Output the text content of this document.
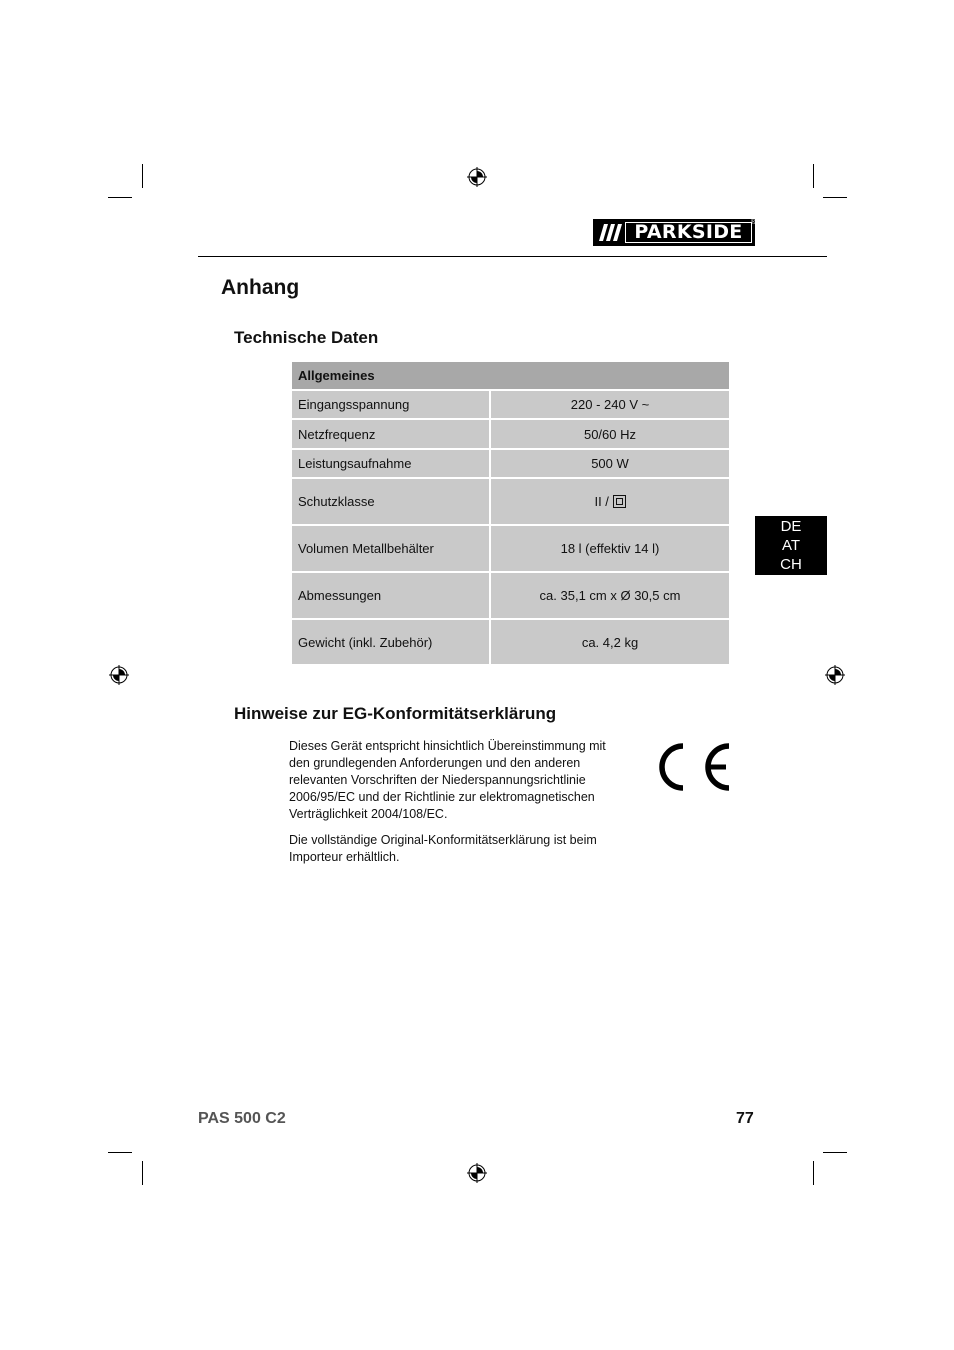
PARKSIDE ®
Anhang
Technische Daten
Allgemeines	
Eingangsspannung	220 - 240 V ~
Netzfrequenz	50/60 Hz
Leistungsaufnahme	500 W
Schutzklasse	II /
Volumen Metallbehälter	18 l (effektiv 14 l)
Abmessungen	ca. 35,1 cm x Ø 30,5 cm
Gewicht (inkl. Zubehör)	ca. 4,2 kg
DE
AT
CH
Hinweise zur EG-Konformitätserklärung

Dieses Gerät entspricht hinsichtlich Übereinstimmung mit den grundlegenden Anforderungen und den anderen relevanten Vorschriften der Niederspannungsrichtlinie 2006/95/EC und der Richtlinie zur elektromagnetischen Verträglichkeit 2004/108/EC.

Die vollständige Original-Konformitätserklärung ist beim Importeur erhältlich.

PAS 500 C2	77
